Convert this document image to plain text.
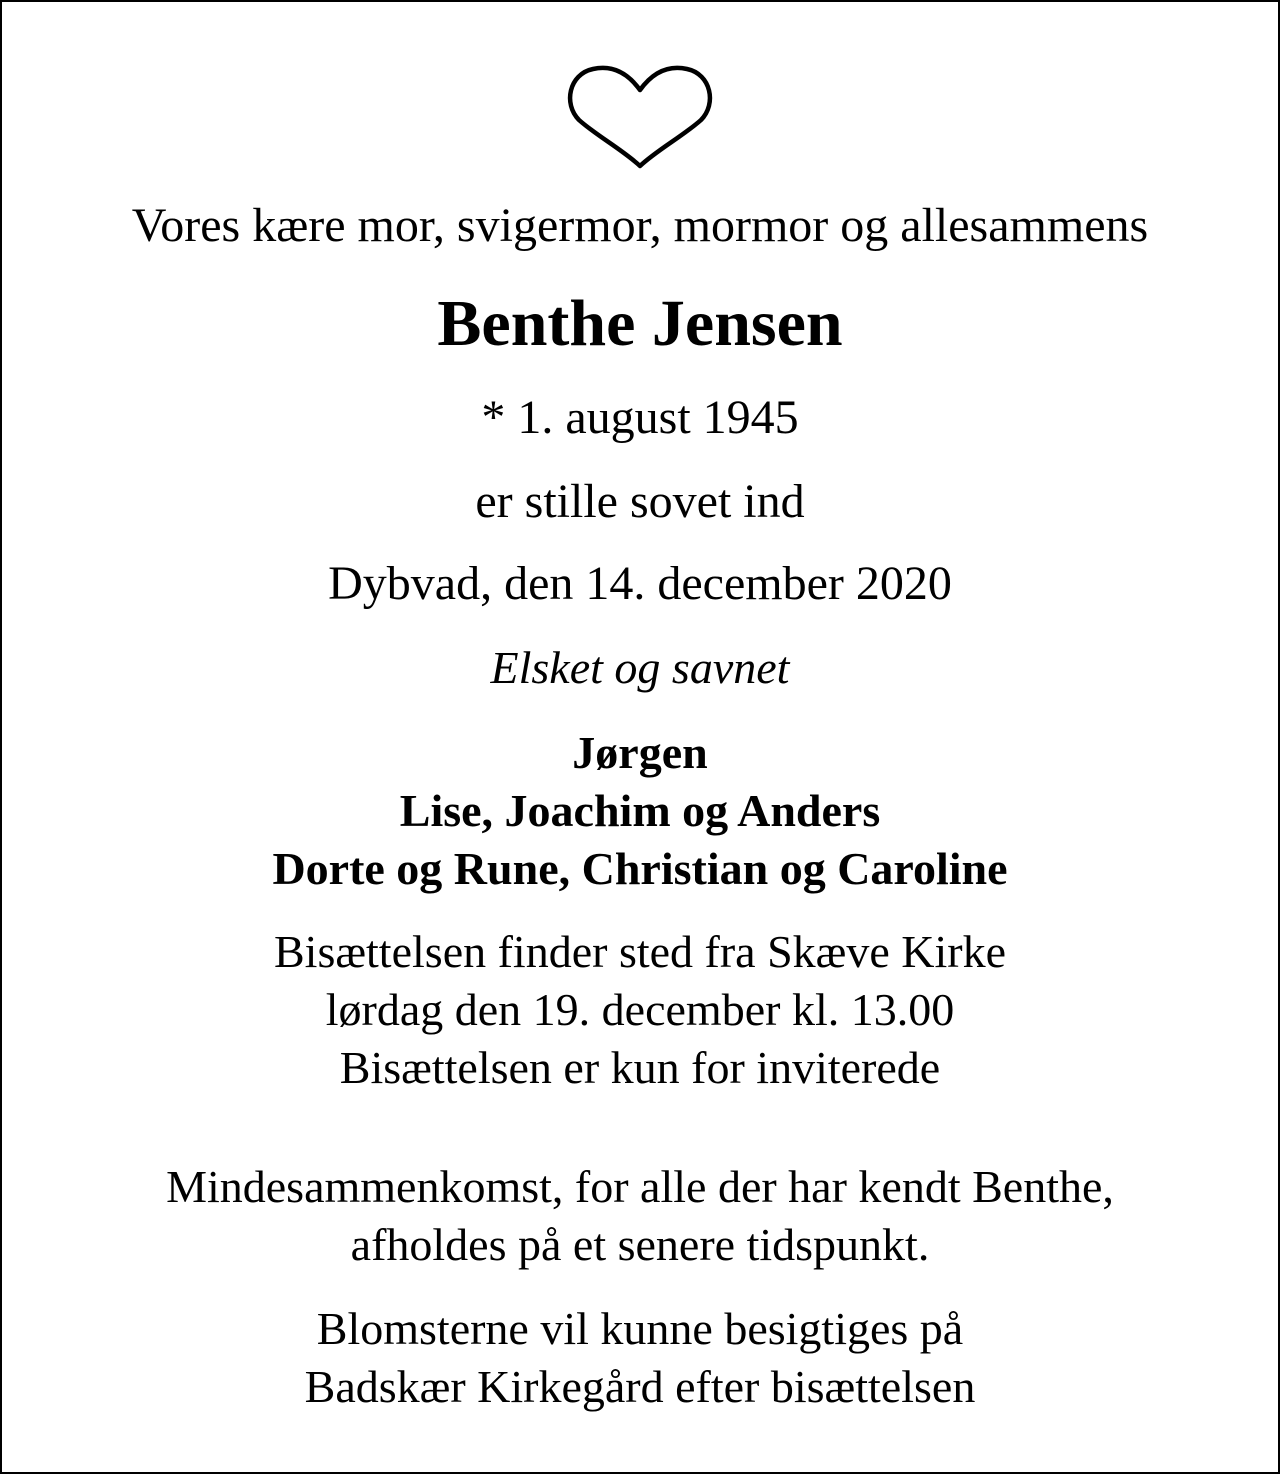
Vores kære mor, svigermor, mormor og allesammens
Benthe Jensen
* 1. august 1945
er stille sovet ind
Dybvad, den 14. december 2020
Elsket og savnet
Jørgen
Lise, Joachim og Anders
Dorte og Rune, Christian og Caroline
Bisættelsen finder sted fra Skæve Kirke
lørdag den 19. december kl. 13.00
Bisættelsen er kun for inviterede
Mindesammenkomst, for alle der har kendt Benthe,
afholdes på et senere tidspunkt.
Blomsterne vil kunne besigtiges på
Badskær Kirkegård efter bisættelsen
